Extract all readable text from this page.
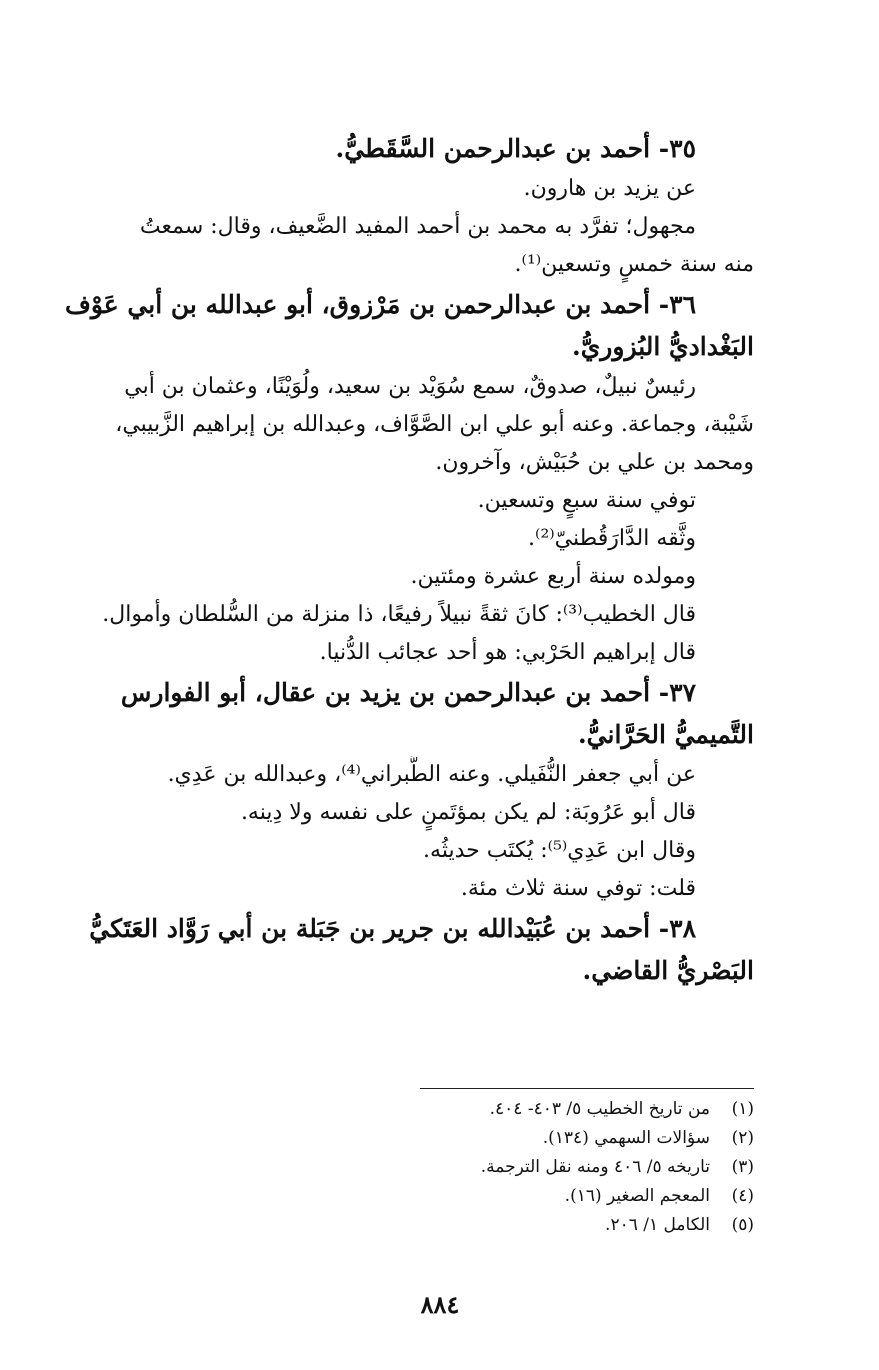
٣٥- أحمد بن عبدالرحمن السَّقَطيُّ.
عن يزيد بن هارون.
مجهول؛ تفرَّد به محمد بن أحمد المفيد الضَّعيف، وقال: سمعتُ
منه سنة خمسٍ وتسعين⁽¹⁾.
٣٦- أحمد بن عبدالرحمن بن مَرْزوق، أبو عبدالله بن أبي عَوْف
البَغْداديُّ البُزوريُّ.
رئيسٌ نبيلٌ، صدوقٌ، سمع سُوَيْد بن سعيد، ولُوَيْنًا، وعثمان بن أبي
شَيْبة، وجماعة. وعنه أبو علي ابن الصَّوَّاف، وعبدالله بن إبراهيم الزَّبيبي،
ومحمد بن علي بن حُبَيْش، وآخرون.
توفي سنة سبعٍ وتسعين.
وثَّقه الدَّارَقُطنيّ⁽²⁾.
ومولده سنة أربع عشرة ومئتين.
قال الخطيب⁽³⁾: كانَ ثقةً نبيلاً رفيعًا، ذا منزلة من السُّلطان وأموال.
قال إبراهيم الحَرْبي: هو أحد عجائب الدُّنيا.
٣٧- أحمد بن عبدالرحمن بن يزيد بن عقال، أبو الفوارس
التَّميميُّ الحَرَّانيُّ.
عن أبي جعفر النُّفَيلي. وعنه الطَّبراني⁽⁴⁾، وعبدالله بن عَدِي.
قال أبو عَرُوبَة: لم يكن بمؤتَمنٍ على نفسه ولا دِينه.
وقال ابن عَدِي⁽⁵⁾: يُكتَب حديثُه.
قلت: توفي سنة ثلاث مئة.
٣٨- أحمد بن عُبَيْدالله بن جرير بن جَبَلة بن أبي رَوَّاد العَتَكيُّ
البَصْريُّ القاضي.
(١)من تاريخ الخطيب ٥/ ٤٠٣- ٤٠٤.
(٢)سؤالات السهمي (١٣٤).
(٣)تاريخه ٥/ ٤٠٦ ومنه نقل الترجمة.
(٤)المعجم الصغير (١٦).
(٥)الكامل ١/ ٢٠٦.
٨٨٤
